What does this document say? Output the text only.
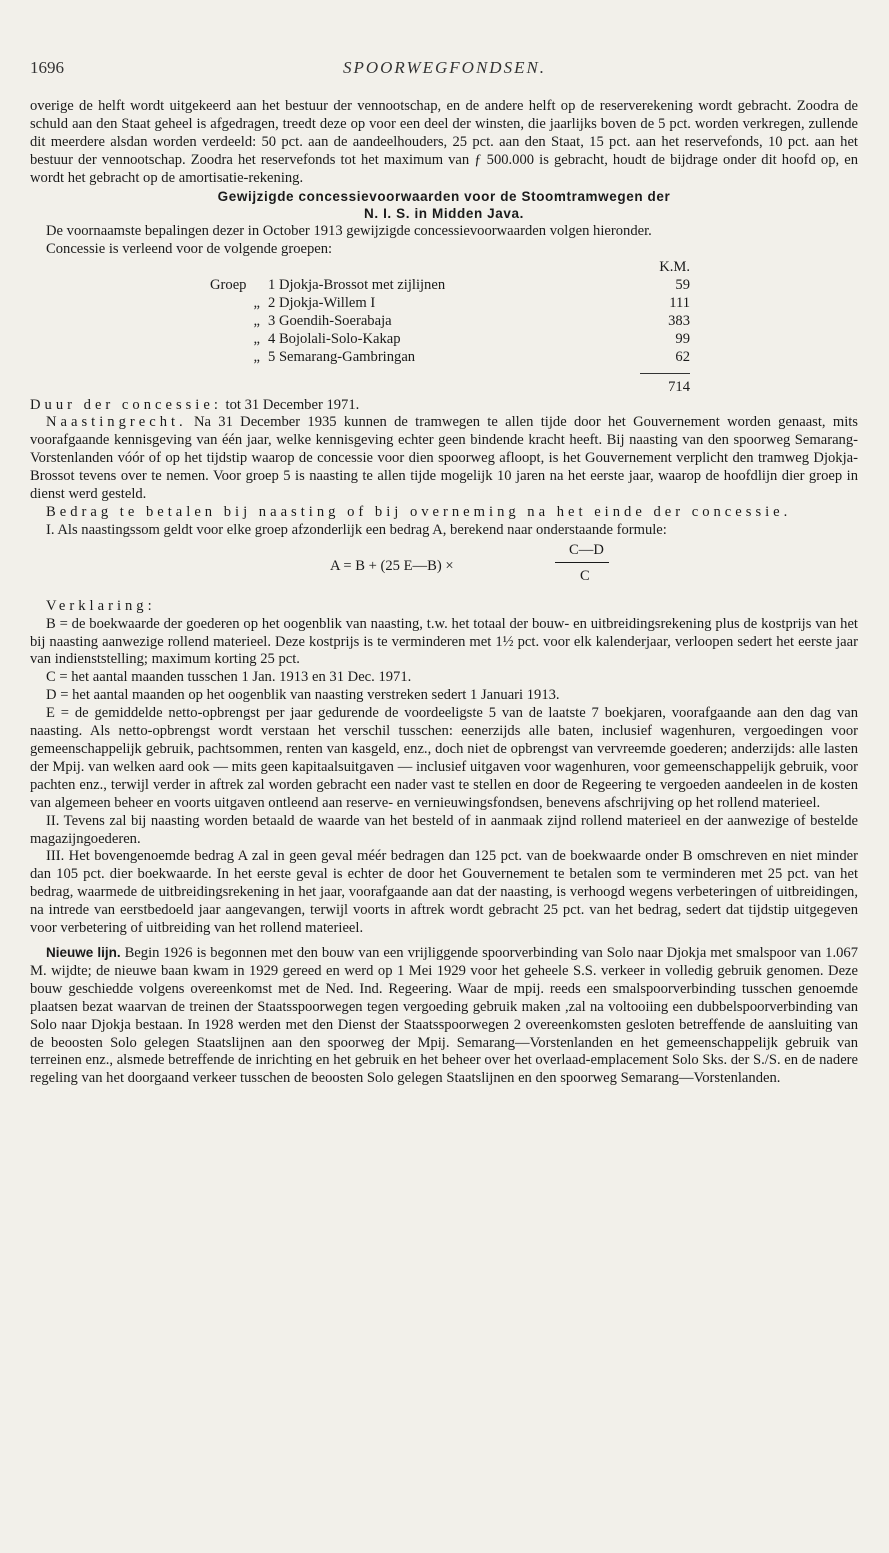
1696	SPOORWEGFONDSEN.

overige de helft wordt uitgekeerd aan het bestuur der vennootschap, en de andere helft op de reserverekening wordt gebracht. Zoodra de schuld aan den Staat geheel is afgedragen, treedt deze op voor een deel der winsten, die jaarlijks boven de 5 pct. worden verkregen, zullende dit meerdere alsdan worden verdeeld: 50 pct. aan de aandeelhouders, 25 pct. aan den Staat, 15 pct. aan het reservefonds, 10 pct. aan het bestuur der vennootschap. Zoodra het reservefonds tot het maximum van ƒ 500.000 is gebracht, houdt de bijdrage onder dit hoofd op, en wordt het gebracht op de amortisatie-rekening.

Gewijzigde concessievoorwaarden voor de Stoomtramwegen der
N. I. S. in Midden Java.

De voornaamste bepalingen dezer in October 1913 gewijzigde concessievoorwaarden volgen hieronder.

Concessie is verleend voor de volgende groepen:

		K.M.
Groep	1 Djokja-Brossot met zijlijnen	59
„	2 Djokja-Willem I	111
„	3 Goendih-Soerabaja	383
„	4 Bojolali-Solo-Kakap	99
„	5 Semarang-Gambringan	62

714

Duur der concessie: tot 31 December 1971.

Naastingrecht. Na 31 December 1935 kunnen de tramwegen te allen tijde door het Gouvernement worden genaast, mits voorafgaande kennisgeving van één jaar, welke kennisgeving echter geen bindende kracht heeft. Bij naasting van den spoorweg Semarang-Vorstenlanden vóór of op het tijdstip waarop de concessie voor dien spoorweg afloopt, is het Gouvernement verplicht den tramweg Djokja-Brossot tevens over te nemen. Voor groep 5 is naasting te allen tijde mogelijk 10 jaren na het eerste jaar, waarop de hoofdlijn dier groep in dienst werd gesteld.

Bedrag te betalen bij naasting of bij overneming na het einde der concessie.

I. Als naastingssom geldt voor elke groep afzonderlijk een bedrag A, berekend naar onderstaande formule:

A = B + (25 E—B) ×
C—D
C

Verklaring:

B = de boekwaarde der goederen op het oogenblik van naasting, t.w. het totaal der bouw- en uitbreidingsrekening plus de kostprijs van het bij naasting aanwezige rollend materieel. Deze kostprijs is te verminderen met 1½ pct. voor elk kalenderjaar, verloopen sedert het eerste jaar van indienststelling; maximum korting 25 pct.

C = het aantal maanden tusschen 1 Jan. 1913 en 31 Dec. 1971.

D = het aantal maanden op het oogenblik van naasting verstreken sedert 1 Januari 1913.

E = de gemiddelde netto-opbrengst per jaar gedurende de voordeeligste 5 van de laatste 7 boekjaren, voorafgaande aan den dag van naasting. Als netto-opbrengst wordt verstaan het verschil tusschen: eenerzijds alle baten, inclusief wagenhuren, vergoedingen voor gemeenschappelijk gebruik, pachtsommen, renten van kasgeld, enz., doch niet de opbrengst van vervreemde goederen; anderzijds: alle lasten der Mpij. van welken aard ook — mits geen kapitaalsuitgaven — inclusief uitgaven voor wagenhuren, voor gemeenschappelijk gebruik, voor pachten enz., terwijl verder in aftrek zal worden gebracht een nader vast te stellen en door de Regeering te vergoeden aandeelen in de kosten van algemeen beheer en voorts uitgaven ontleend aan reserve- en vernieuwingsfondsen, benevens afschrijving op het rollend materieel.

II. Tevens zal bij naasting worden betaald de waarde van het besteld of in aanmaak zijnd rollend materieel en der aanwezige of bestelde magazijngoederen.

III. Het bovengenoemde bedrag A zal in geen geval méér bedragen dan 125 pct. van de boekwaarde onder B omschreven en niet minder dan 105 pct. dier boekwaarde. In het eerste geval is echter de door het Gouvernement te betalen som te verminderen met 25 pct. van het bedrag, waarmede de uitbreidingsrekening in het jaar, voorafgaande aan dat der naasting, is verhoogd wegens verbeteringen of uitbreidingen, na intrede van eerstbedoeld jaar aangevangen, terwijl voorts in aftrek wordt gebracht 25 pct. van het bedrag, sedert dat tijdstip uitgegeven voor verbetering of uitbreiding van het rollend materieel.

Nieuwe lijn. Begin 1926 is begonnen met den bouw van een vrijliggende spoorverbinding van Solo naar Djokja met smalspoor van 1.067 M. wijdte; de nieuwe baan kwam in 1929 gereed en werd op 1 Mei 1929 voor het geheele S.S. verkeer in volledig gebruik genomen. Deze bouw geschiedde volgens overeenkomst met de Ned. Ind. Regeering. Waar de mpij. reeds een smalspoorverbinding tusschen genoemde plaatsen bezat waarvan de treinen der Staatsspoorwegen tegen vergoeding gebruik maken ,zal na voltooiing een dubbelspoorverbinding van Solo naar Djokja bestaan. In 1928 werden met den Dienst der Staatsspoorwegen 2 overeenkomsten gesloten betreffende de aansluiting van de beoosten Solo gelegen Staatslijnen aan den spoorweg der Mpij. Semarang—Vorstenlanden en het gemeenschappelijk gebruik van terreinen enz., alsmede betreffende de inrichting en het gebruik en het beheer over het overlaad-emplacement Solo Sks. der S./S. en de nadere regeling van het doorgaand verkeer tusschen de beoosten Solo gelegen Staatslijnen en den spoorweg Semarang—Vorstenlanden.
